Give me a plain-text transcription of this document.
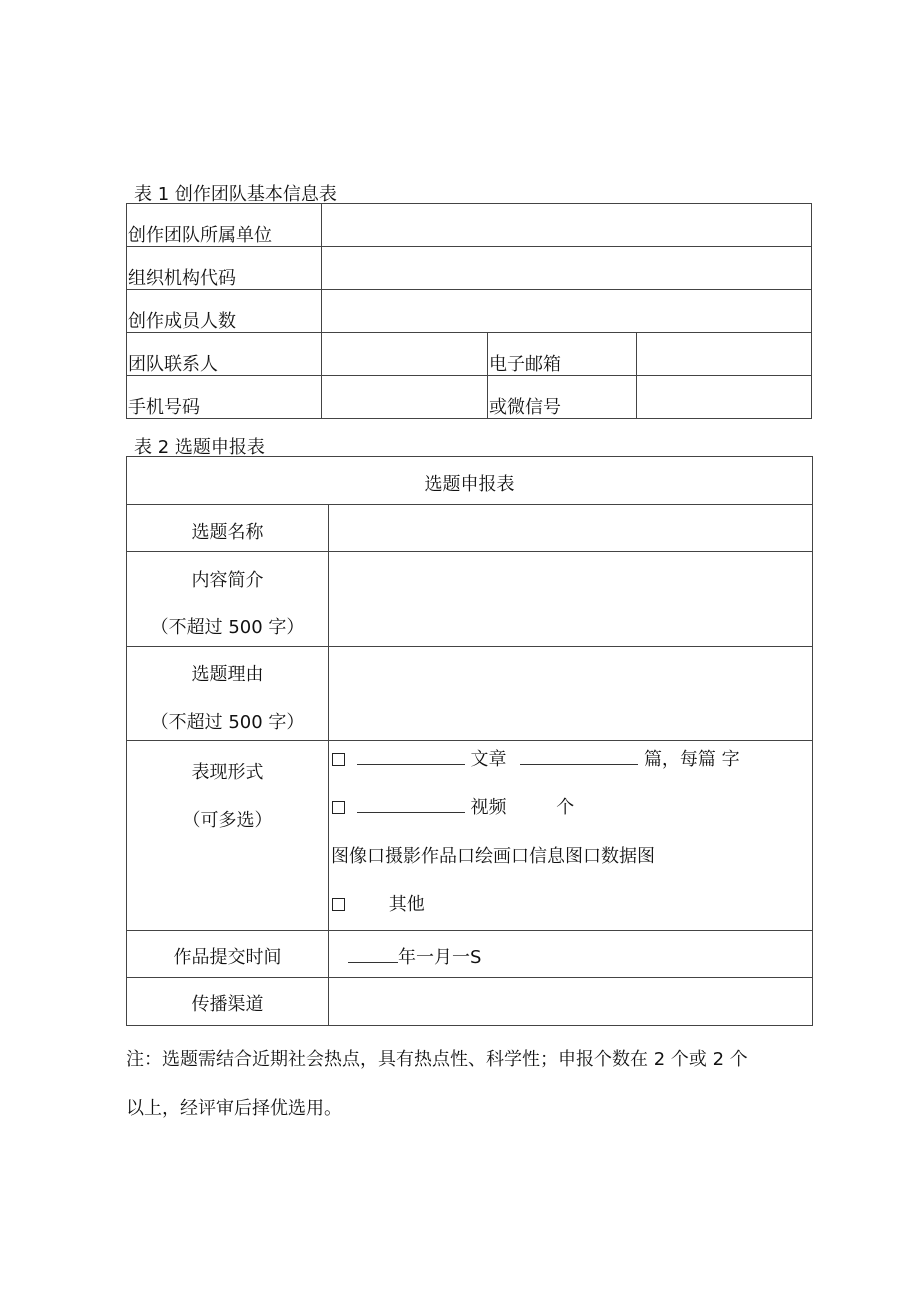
表 1 创作团队基本信息表
创作团队所属单位
组织机构代码
创作成员人数
团队联系人	电子邮箱
手机号码	或微信号
表 2 选题申报表
选题申报表
选题名称
内容简介
（不超过 500 字）
选题理由
（不超过 500 字）
表现形式
（可多选）
文章	篇，每篇 字
视频	个
图像口摄影作品口绘画口信息图口数据图
其他
作品提交时间	年一月一S
传播渠道
注：选题需结合近期社会热点，具有热点性、科学性；申报个数在 2 个或 2 个
以上，经评审后择优选用。
